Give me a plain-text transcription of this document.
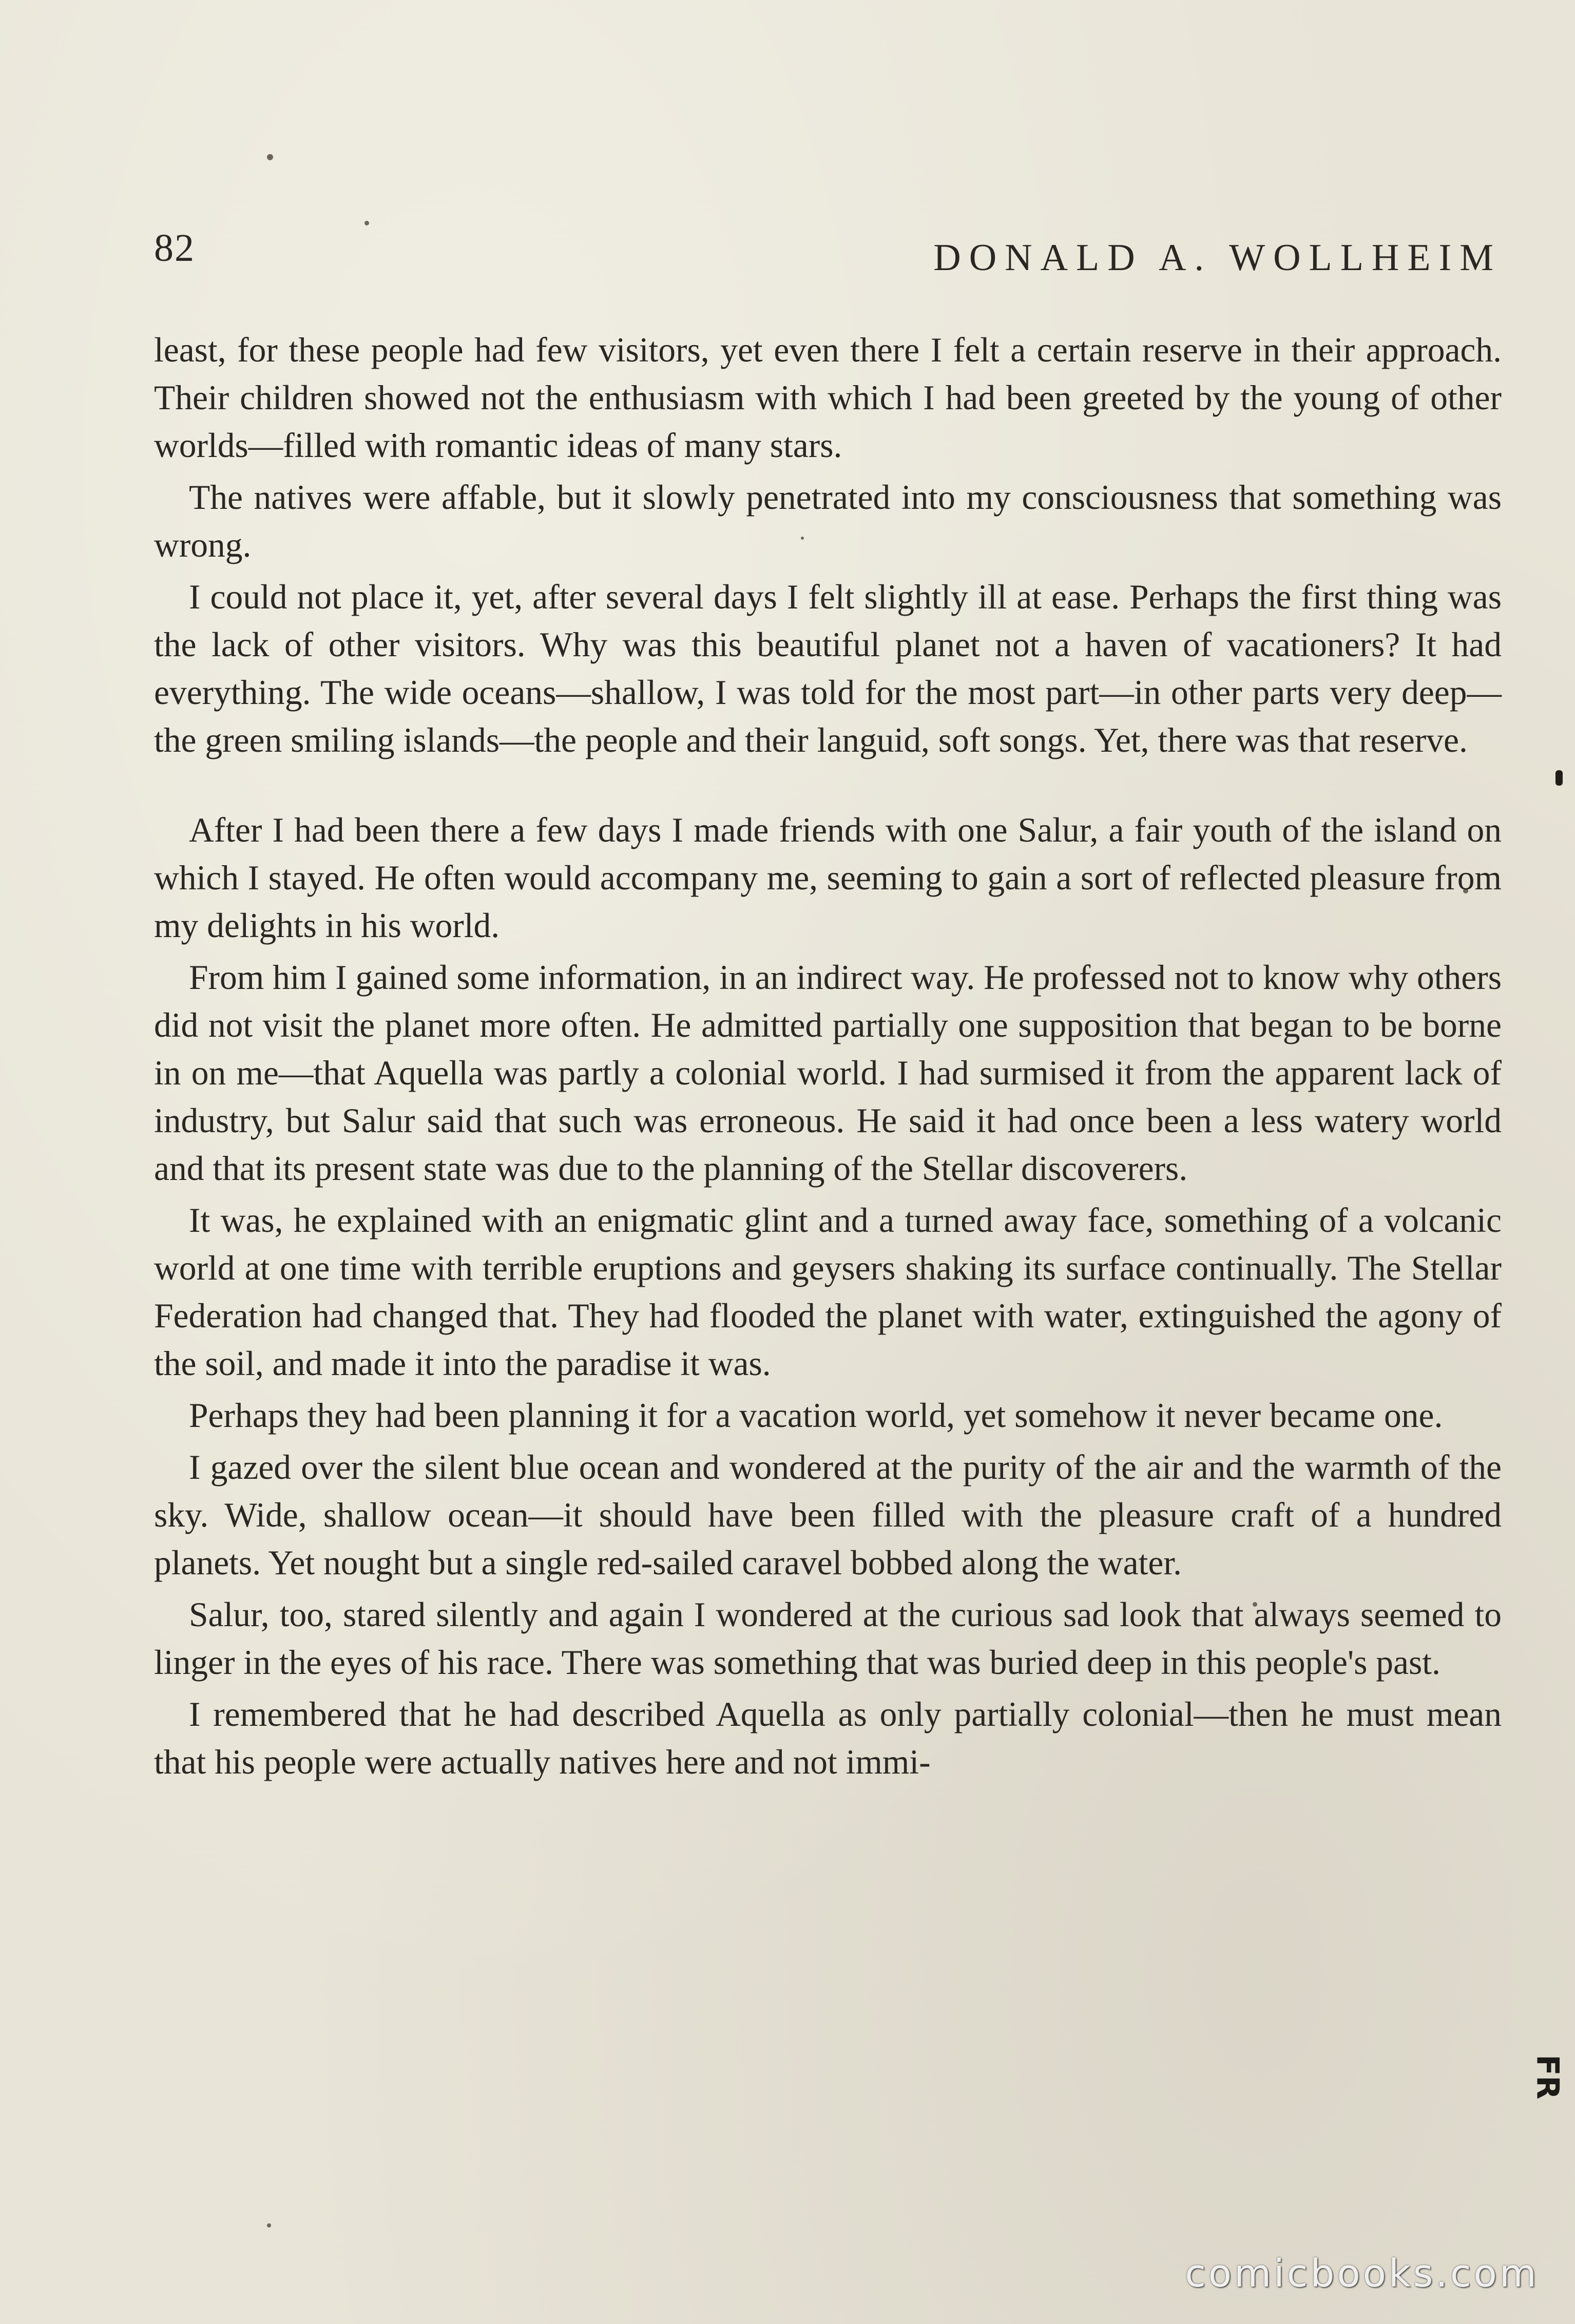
82	DONALD A. WOLLHEIM

least, for these people had few visitors, yet even there I felt a certain reserve in their approach. Their children showed not the enthusiasm with which I had been greeted by the young of other worlds—filled with romantic ideas of many stars.

The natives were affable, but it slowly penetrated into my consciousness that something was wrong.

I could not place it, yet, after several days I felt slightly ill at ease. Perhaps the first thing was the lack of other visitors. Why was this beautiful planet not a haven of vacationers? It had everything. The wide oceans—shallow, I was told for the most part—in other parts very deep—the green smiling islands—the people and their languid, soft songs. Yet, there was that reserve.

After I had been there a few days I made friends with one Salur, a fair youth of the island on which I stayed. He often would accompany me, seeming to gain a sort of reflected pleasure from my delights in his world.

From him I gained some information, in an indirect way. He professed not to know why others did not visit the planet more often. He admitted partially one supposition that began to be borne in on me—that Aquella was partly a colonial world. I had surmised it from the apparent lack of industry, but Salur said that such was erroneous. He said it had once been a less watery world and that its present state was due to the planning of the Stellar discoverers.

It was, he explained with an enigmatic glint and a turned away face, something of a volcanic world at one time with terrible eruptions and geysers shaking its surface continually. The Stellar Federation had changed that. They had flooded the planet with water, extinguished the agony of the soil, and made it into the paradise it was.

Perhaps they had been planning it for a vacation world, yet somehow it never became one.

I gazed over the silent blue ocean and wondered at the purity of the air and the warmth of the sky. Wide, shallow ocean—it should have been filled with the pleasure craft of a hundred planets. Yet nought but a single red-sailed caravel bobbed along the water.

Salur, too, stared silently and again I wondered at the curious sad look that always seemed to linger in the eyes of his race. There was something that was buried deep in this people's past.

I remembered that he had described Aquella as only partially colonial—then he must mean that his people were actually natives here and not immi-

FR
comicbooks.com
